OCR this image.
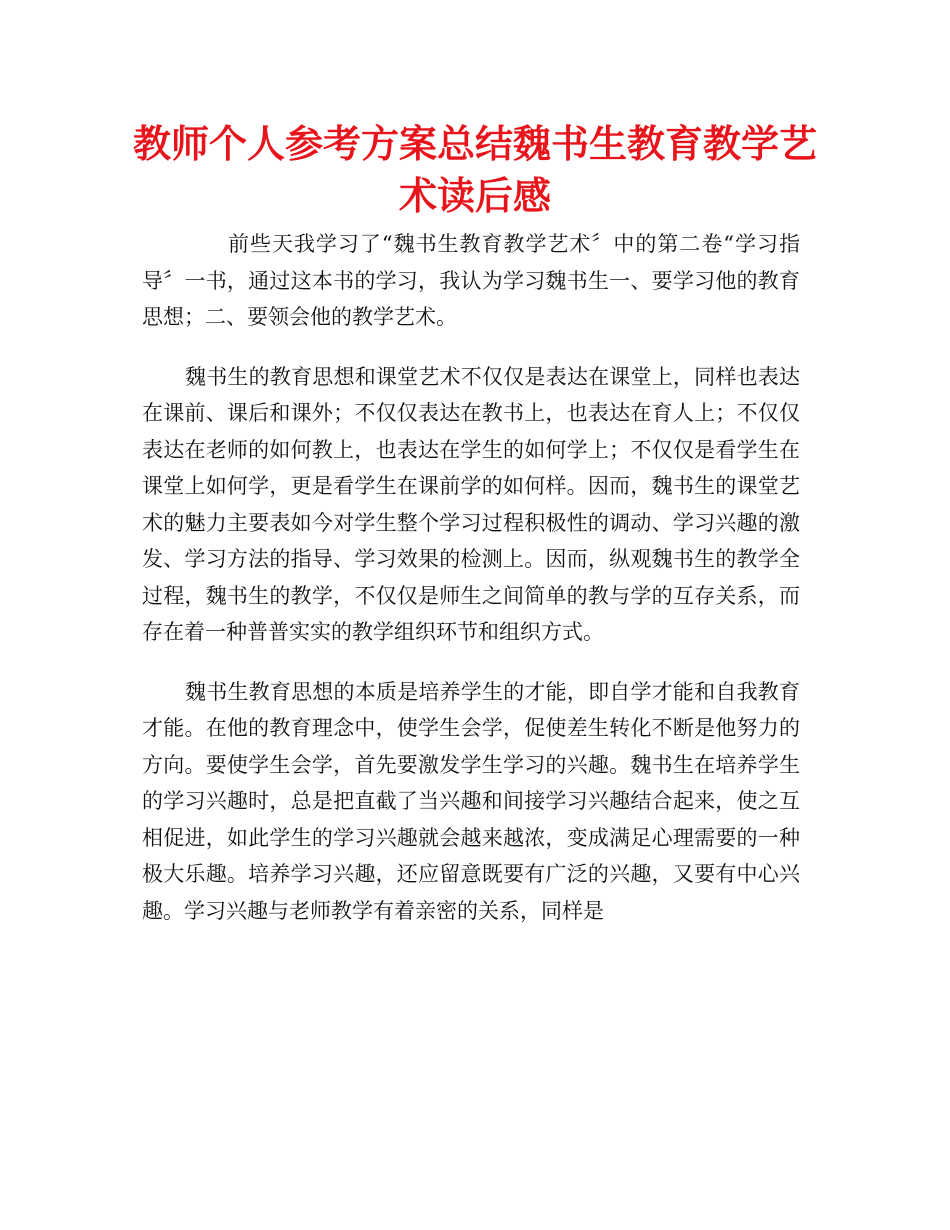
教师个人参考方案总结魏书生教育教学艺术读后感

前些天我学习了“魏书生教育教学艺术〞中的第二卷“学习指导〞一书，通过这本书的学习，我认为学习魏书生一、要学习他的教育思想；二、要领会他的教学艺术。

魏书生的教育思想和课堂艺术不仅仅是表达在课堂上，同样也表达在课前、课后和课外；不仅仅表达在教书上，也表达在育人上；不仅仅表达在老师的如何教上，也表达在学生的如何学上；不仅仅是看学生在课堂上如何学，更是看学生在课前学的如何样。因而，魏书生的课堂艺术的魅力主要表如今对学生整个学习过程积极性的调动、学习兴趣的激发、学习方法的指导、学习效果的检测上。因而，纵观魏书生的教学全过程，魏书生的教学，不仅仅是师生之间简单的教与学的互存关系，而存在着一种普普实实的教学组织环节和组织方式。

魏书生教育思想的本质是培养学生的才能，即自学才能和自我教育才能。在他的教育理念中，使学生会学，促使差生转化不断是他努力的方向。要使学生会学，首先要激发学生学习的兴趣。魏书生在培养学生的学习兴趣时，总是把直截了当兴趣和间接学习兴趣结合起来，使之互相促进，如此学生的学习兴趣就会越来越浓，变成满足心理需要的一种极大乐趣。培养学习兴趣，还应留意既要有广泛的兴趣，又要有中心兴趣。学习兴趣与老师教学有着亲密的关系，同样是
